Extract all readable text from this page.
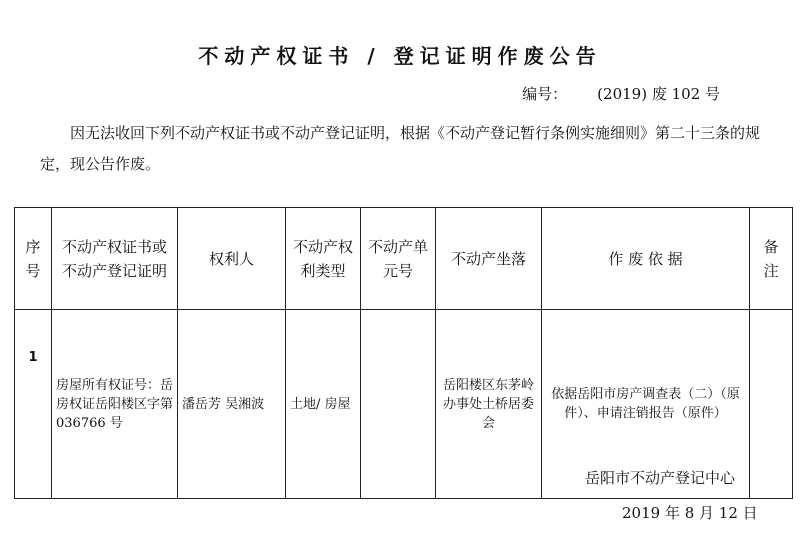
不动产权证书 / 登记证明作废公告
编号： (2019) 废 102 号
因无法收回下列不动产权证书或不动产登记证明，根据《不动产登记暂行条例实施细则》第二十三条的规定，现公告作废。
序号	不动产权证书或不动产登记证明	权利人	不动产权利类型	不动产单元号	不动产坐落	作 废 依 据	备 注
1	房屋所有权证号：岳房权证岳阳楼区字第 036766 号	潘岳芳 吴湘波	土地/ 房屋		岳阳楼区东茅岭办事处土桥居委会	依据岳阳市房产调查表（二）（原件）、申请注销报告（原件）	
岳阳市不动产登记中心
2019 年 8 月 12 日
